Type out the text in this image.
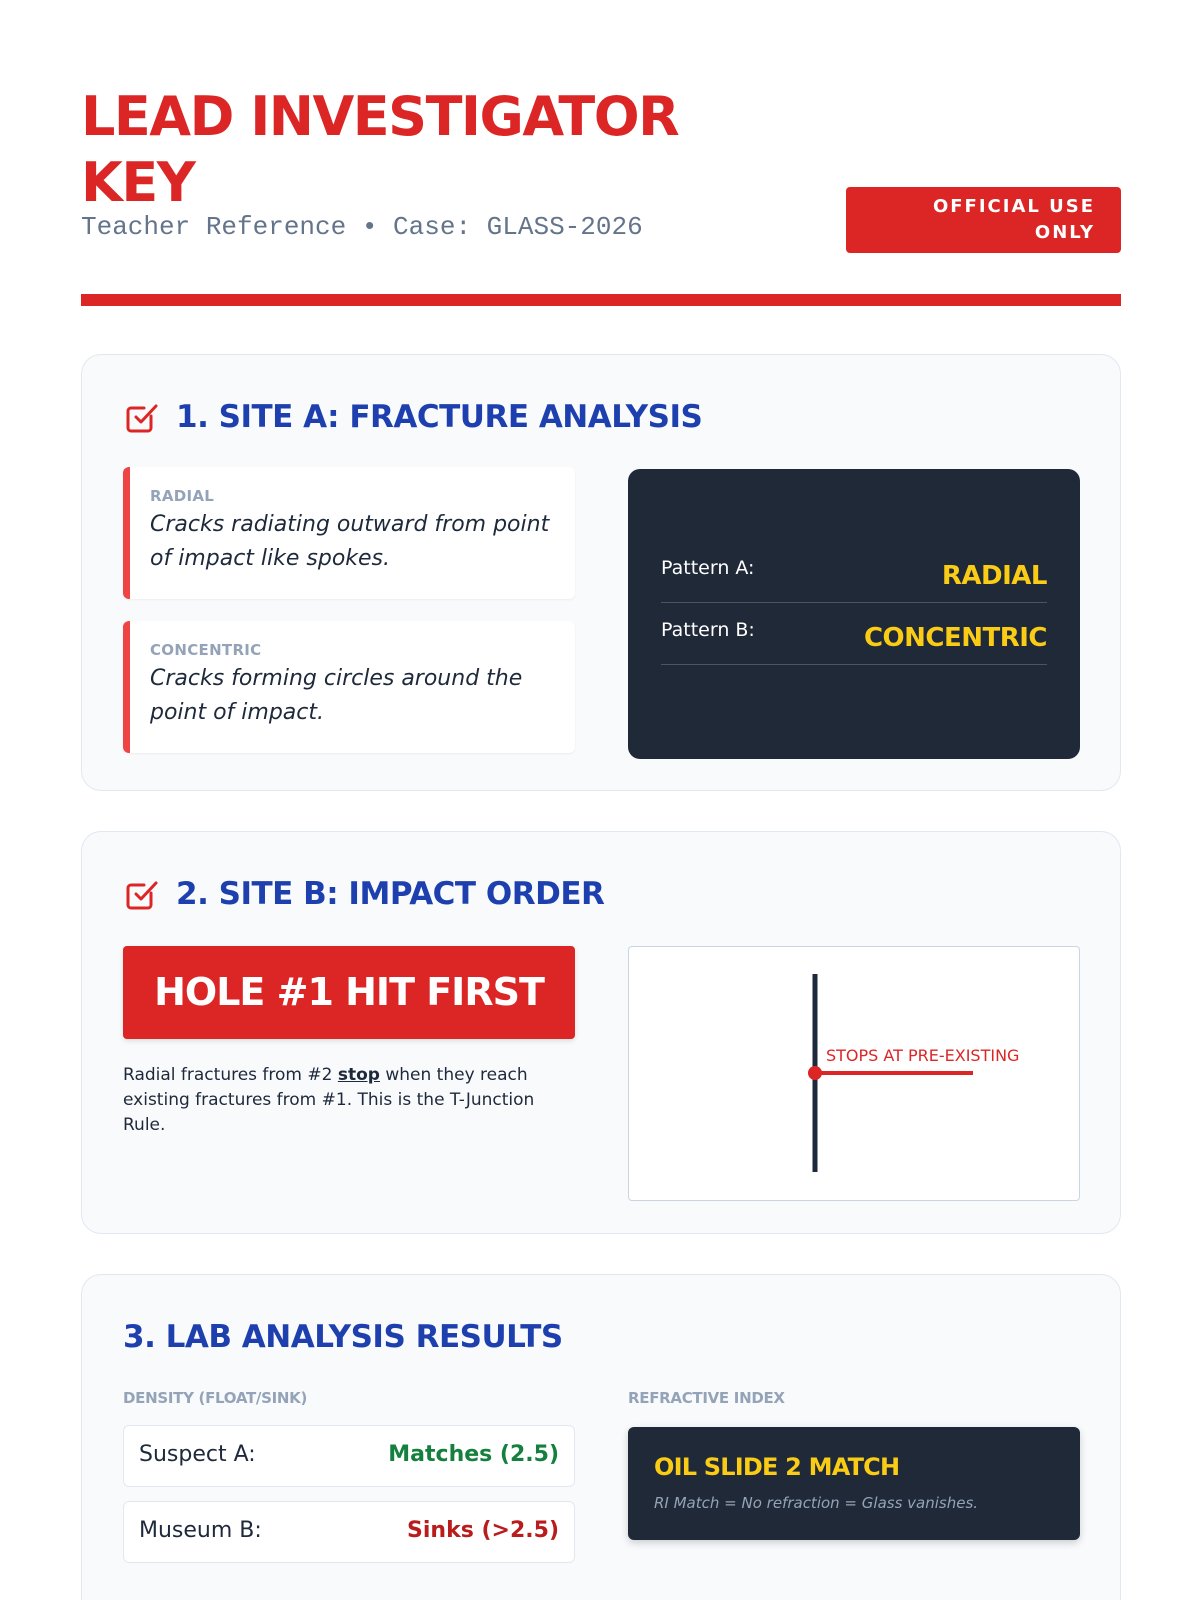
LEAD INVESTIGATOR
KEY
Teacher Reference • Case: GLASS-2026
OFFICIAL USE
ONLY
1. SITE A: FRACTURE ANALYSIS
RADIAL
Cracks radiating outward from point of impact like spokes.
CONCENTRIC
Cracks forming circles around the point of impact.
Pattern A:	RADIAL
Pattern B:	CONCENTRIC
2. SITE B: IMPACT ORDER
HOLE #1 HIT FIRST
Radial fractures from #2 stop when they reach existing fractures from #1. This is the T-Junction Rule.
STOPS AT PRE-EXISTING
3. LAB ANALYSIS RESULTS
DENSITY (FLOAT/SINK)
Suspect A:	Matches (2.5)
Museum B:	Sinks (>2.5)
REFRACTIVE INDEX
OIL SLIDE 2 MATCH
RI Match = No refraction = Glass vanishes.
